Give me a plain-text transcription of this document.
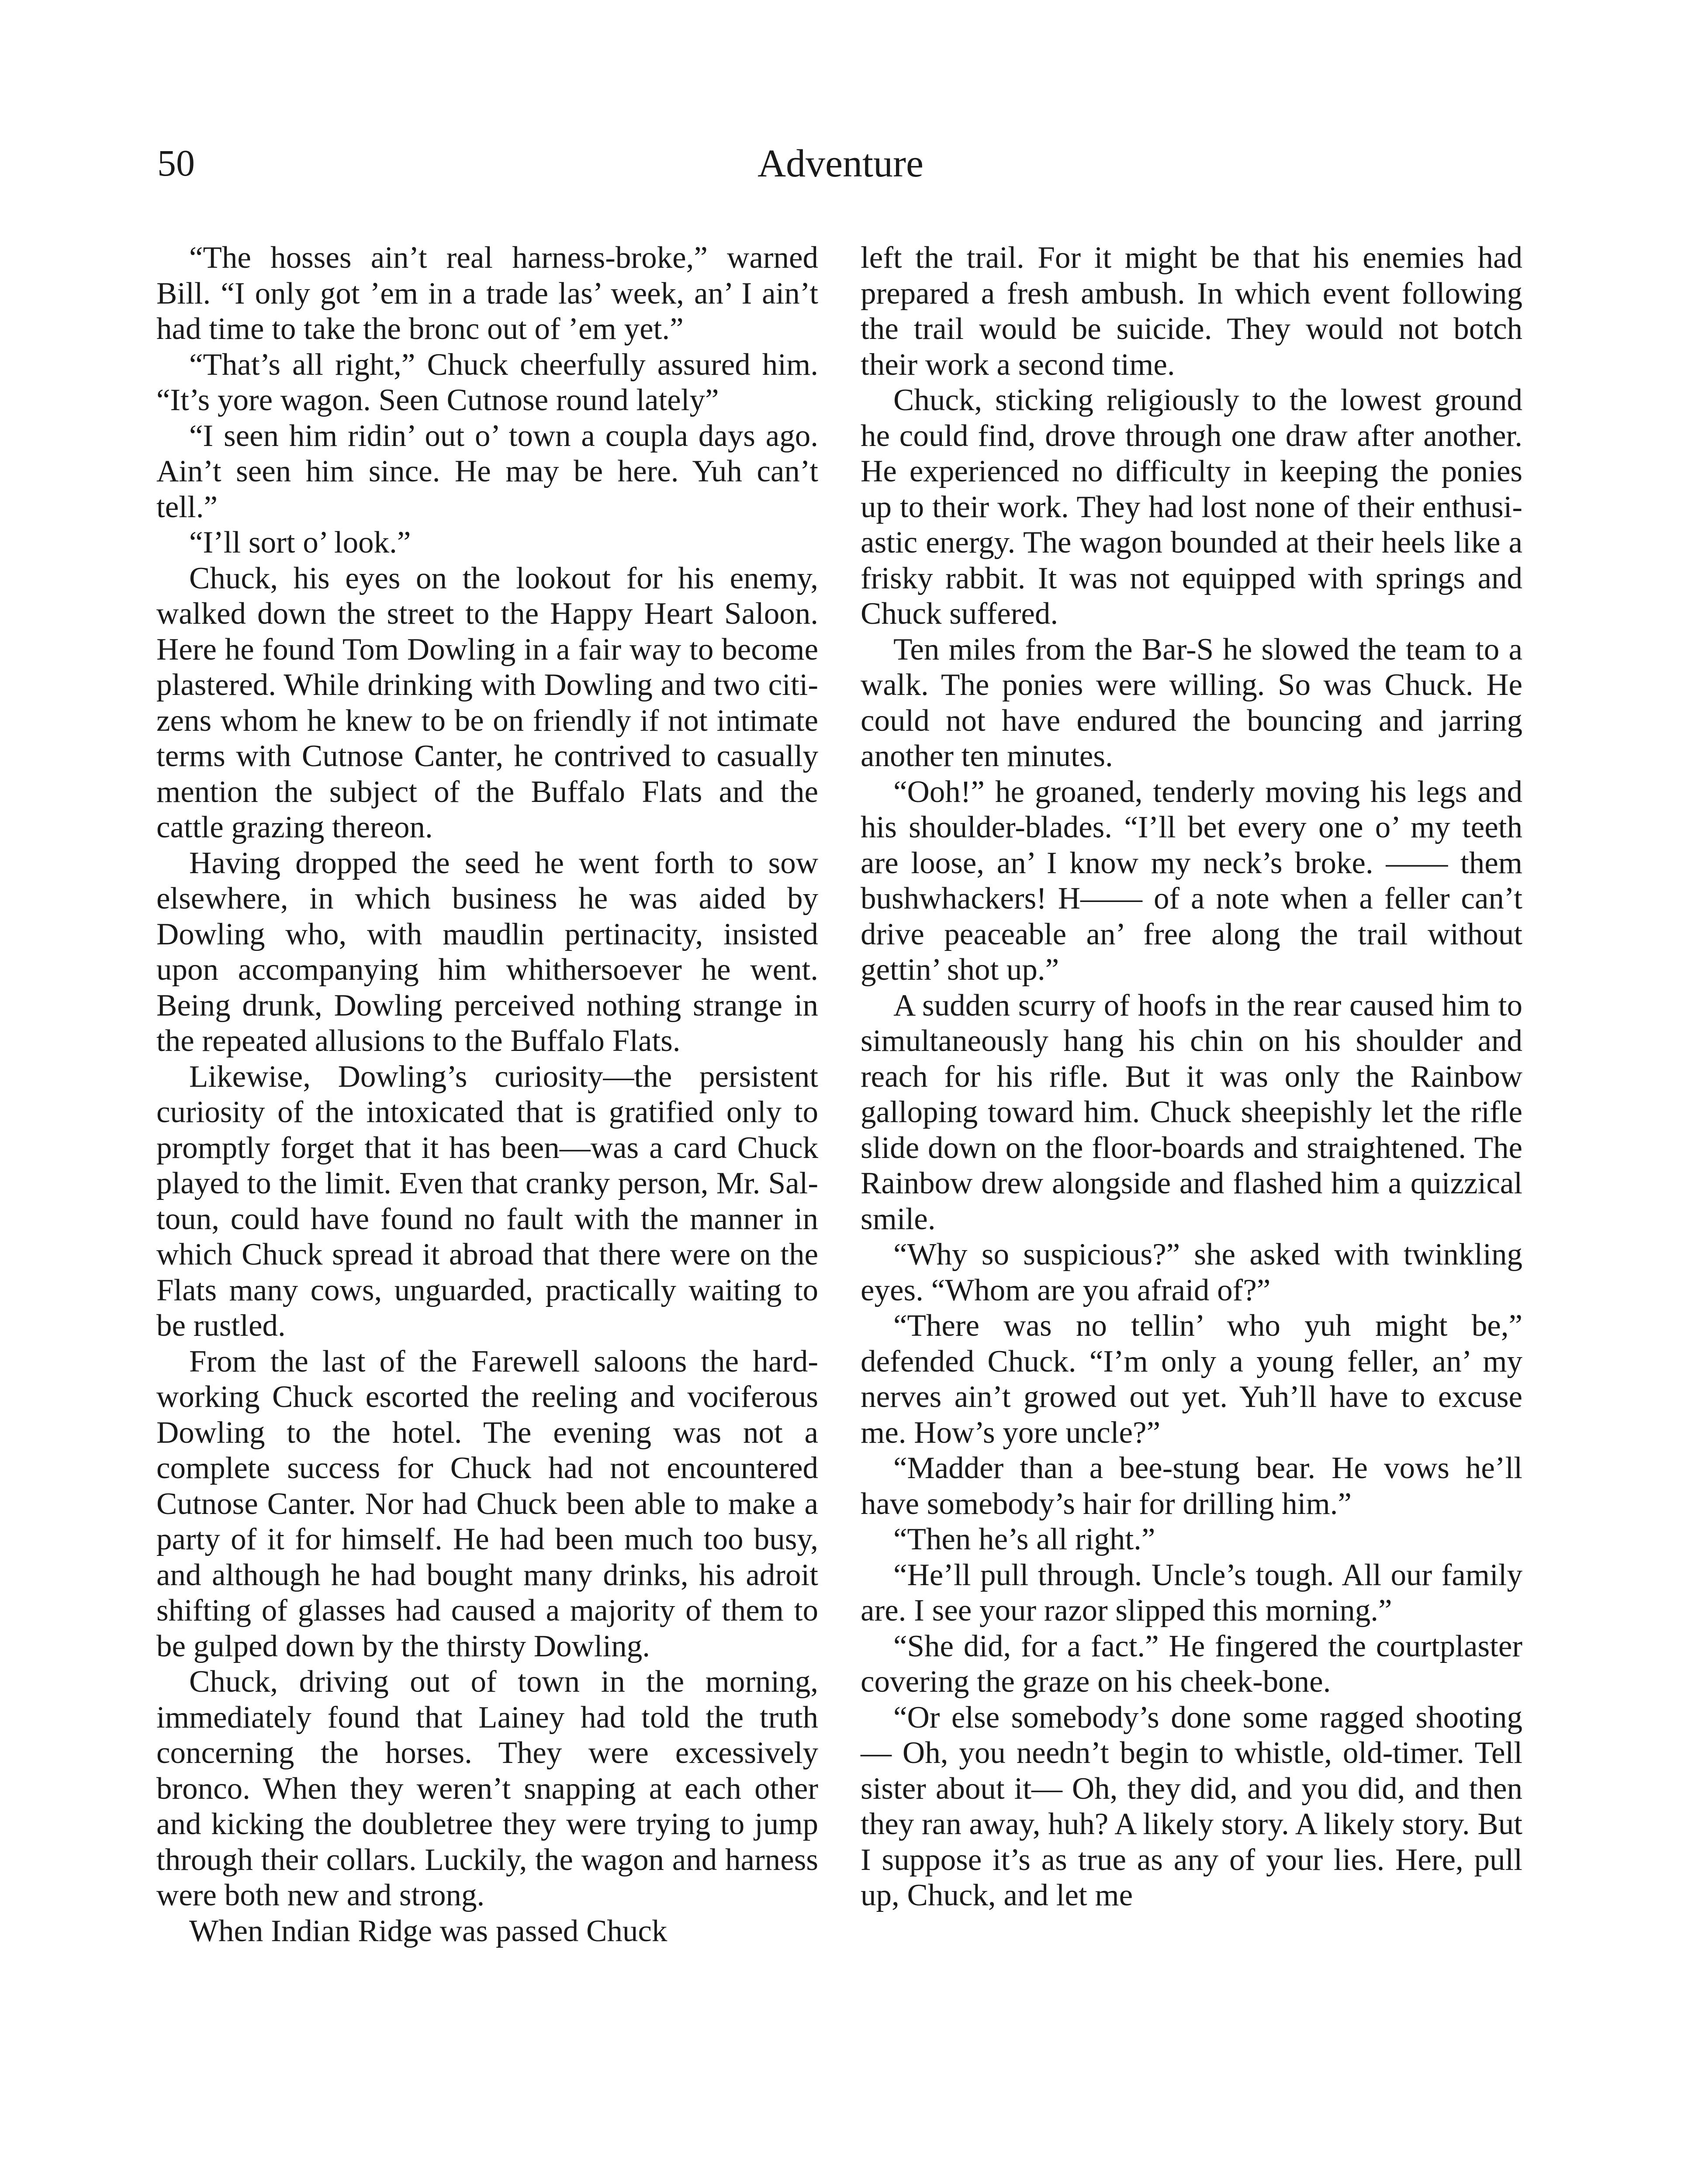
50	Adventure

“The hosses ain’t real harness-broke,” warned Bill. “I only got ’em in a trade las’ week, an’ I ain’t had time to take the bronc out of ’em yet.”

“That’s all right,” Chuck cheerfully assured him. “It’s yore wagon. Seen Cutnose round lately”

“I seen him ridin’ out o’ town a coupla days ago. Ain’t seen him since. He may be here. Yuh can’t tell.”

“I’ll sort o’ look.”

Chuck, his eyes on the lookout for his enemy, walked down the street to the Happy Heart Saloon. Here he found Tom Dowling in a fair way to become plastered. While drinking with Dowling and two citizens whom he knew to be on friendly if not intimate terms with Cutnose Canter, he contrived to casually mention the subject of the Buffalo Flats and the cattle grazing thereon.

Having dropped the seed he went forth to sow elsewhere, in which business he was aided by Dowling who, with maudlin pertinacity, insisted upon accompanying him whithersoever he went. Being drunk, Dowling perceived nothing strange in the repeated allusions to the Buffalo Flats.

Likewise, Dowling’s curiosity—the persistent curiosity of the intoxicated that is gratified only to promptly forget that it has been—was a card Chuck played to the limit. Even that cranky person, Mr. Saltoun, could have found no fault with the manner in which Chuck spread it abroad that there were on the Flats many cows, unguarded, practically waiting to be rustled.

From the last of the Farewell saloons the hard-working Chuck escorted the reeling and vociferous Dowling to the hotel. The evening was not a complete success for Chuck had not encountered Cutnose Canter. Nor had Chuck been able to make a party of it for himself. He had been much too busy, and although he had bought many drinks, his adroit shifting of glasses had caused a majority of them to be gulped down by the thirsty Dowling.

Chuck, driving out of town in the morning, immediately found that Lainey had told the truth concerning the horses. They were excessively bronco. When they weren’t snapping at each other and kicking the doubletree they were trying to jump through their collars. Luckily, the wagon and harness were both new and strong.

When Indian Ridge was passed Chuck

left the trail. For it might be that his enemies had prepared a fresh ambush. In which event following the trail would be suicide. They would not botch their work a second time.

Chuck, sticking religiously to the lowest ground he could find, drove through one draw after another. He experienced no difficulty in keeping the ponies up to their work. They had lost none of their enthusiastic energy. The wagon bounded at their heels like a frisky rabbit. It was not equipped with springs and Chuck suffered.

Ten miles from the Bar-S he slowed the team to a walk. The ponies were willing. So was Chuck. He could not have endured the bouncing and jarring another ten minutes.

“Ooh!” he groaned, tenderly moving his legs and his shoulder-blades. “I’ll bet every one o’ my teeth are loose, an’ I know my neck’s broke. —— them bushwhackers! H—— of a note when a feller can’t drive peaceable an’ free along the trail without gettin’ shot up.”

A sudden scurry of hoofs in the rear caused him to simultaneously hang his chin on his shoulder and reach for his rifle. But it was only the Rainbow galloping toward him. Chuck sheepishly let the rifle slide down on the floor-boards and straightened. The Rainbow drew alongside and flashed him a quizzical smile.

“Why so suspicious?” she asked with twinkling eyes. “Whom are you afraid of?”

“There was no tellin’ who yuh might be,” defended Chuck. “I’m only a young feller, an’ my nerves ain’t growed out yet. Yuh’ll have to excuse me. How’s yore uncle?”

“Madder than a bee-stung bear. He vows he’ll have somebody’s hair for drilling him.”

“Then he’s all right.”

“He’ll pull through. Uncle’s tough. All our family are. I see your razor slipped this morning.”

“She did, for a fact.” He fingered the courtplaster covering the graze on his cheek-bone.

“Or else somebody’s done some ragged shooting— Oh, you needn’t begin to whistle, old-timer. Tell sister about it— Oh, they did, and you did, and then they ran away, huh? A likely story. A likely story. But I suppose it’s as true as any of your lies. Here, pull up, Chuck, and let me
